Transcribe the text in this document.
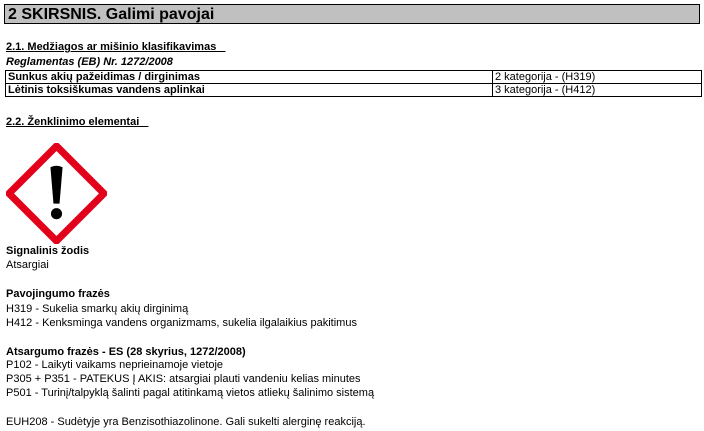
2 SKIRSNIS. Galimi pavojai
2.1. Medžiagos ar mišinio klasifikavimas
Reglamentas (EB) Nr. 1272/2008
Sunkus akių pažeidimas / dirginimas	2 kategorija - (H319)
Lėtinis toksiškumas vandens aplinkai	3 kategorija - (H412)
2.2. Ženklinimo elementai
Signalinis žodis
Atsargiai
Pavojingumo frazės
H319 - Sukelia smarkų akių dirginimą
H412 - Kenksminga vandens organizmams, sukelia ilgalaikius pakitimus
Atsargumo frazės - ES (28 skyrius, 1272/2008)
P102 - Laikyti vaikams neprieinamoje vietoje
P305 + P351 - PATEKUS Į AKIS: atsargiai plauti vandeniu kelias minutes
P501 - Turinį/talpyklą šalinti pagal atitinkamą vietos atliekų šalinimo sistemą
EUH208 - Sudėtyje yra Benzisothiazolinone. Gali sukelti alerginę reakciją.
